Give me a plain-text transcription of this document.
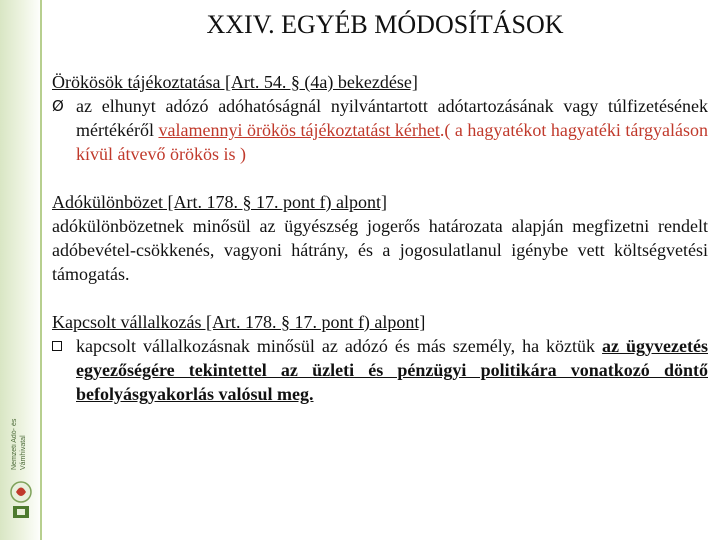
Nemzeti Adó- és Vámhivatal
XXIV. EGYÉB MÓDOSÍTÁSOK
Örökösök tájékoztatása [Art. 54. § (4a) bekezdése]
Ø az elhunyt adózó adóhatóságnál nyilvántartott adótartozásának vagy túlfizetésének mértékéről valamennyi örökös tájékoztatást kérhet.( a hagyatékot hagyatéki tárgyaláson kívül átvevő örökös is )
Adókülönbözet [Art. 178. § 17. pont f) alpont]
adókülönbözetnek minősül az ügyészség jogerős határozata alapján megfizetni rendelt adóbevétel-csökkenés, vagyoni hátrány, és a jogosulatlanul igénybe vett költségvetési támogatás.
Kapcsolt vállalkozás [Art. 178. § 17. pont f) alpont]
kapcsolt vállalkozásnak minősül az adózó és más személy, ha köztük az ügyvezetés egyezőségére tekintettel az üzleti és pénzügyi politikára vonatkozó döntő befolyásgyakorlás valósul meg.
